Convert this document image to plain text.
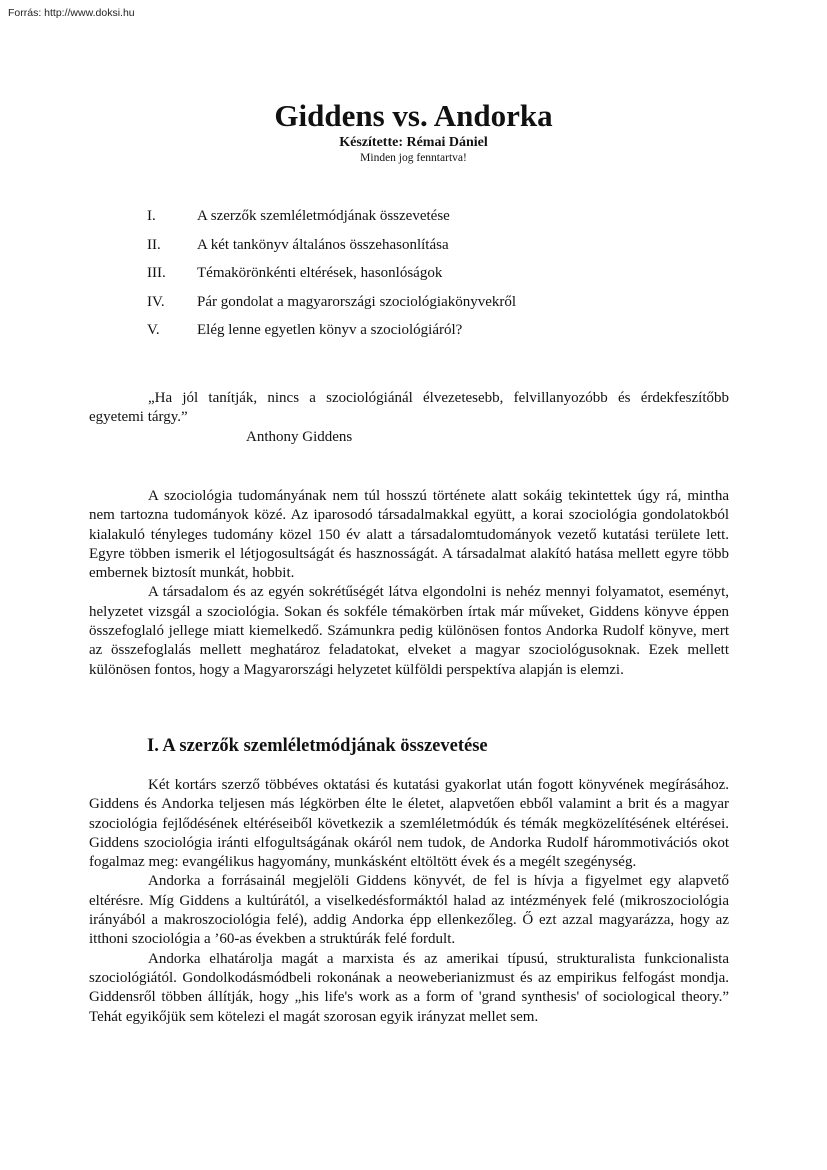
Forrás: http://www.doksi.hu
Giddens vs. Andorka
Készítette: Rémai Dániel
Minden jog fenntartva!
I.	A szerzők szemléletmódjának összevetése
II.	A két tankönyv általános összehasonlítása
III.	Témakörönkénti eltérések, hasonlóságok
IV.	Pár gondolat a magyarországi szociológiakönyvekről
V.	Elég lenne egyetlen könyv a szociológiáról?

„Ha jól tanítják, nincs a szociológiánál élvezetesebb, felvillanyozóbb és érdekfeszítőbb egyetemi tárgy.”

Anthony Giddens

A szociológia tudományának nem túl hosszú története alatt sokáig tekintettek úgy rá, mintha nem tartozna tudományok közé. Az iparosodó társadalmakkal együtt, a korai szociológia gondolatokból kialakuló tényleges tudomány közel 150 év alatt a társadalomtudományok vezető kutatási területe lett. Egyre többen ismerik el létjogosultságát és hasznosságát. A társadalmat alakító hatása mellett egyre több embernek biztosít munkát, hobbit.

A társadalom és az egyén sokrétűségét látva elgondolni is nehéz mennyi folyamatot, eseményt, helyzetet vizsgál a szociológia. Sokan és sokféle témakörben írtak már műveket, Giddens könyve éppen összefoglaló jellege miatt kiemelkedő. Számunkra pedig különösen fontos Andorka Rudolf könyve, mert az összefoglalás mellett meghatároz feladatokat, elveket a magyar szociológusoknak. Ezek mellett különösen fontos, hogy a Magyarországi helyzetet külföldi perspektíva alapján is elemzi.

I. A szerzők szemléletmódjának összevetése

Két kortárs szerző többéves oktatási és kutatási gyakorlat után fogott könyvének megírásához. Giddens és Andorka teljesen más légkörben élte le életet, alapvetően ebből valamint a brit és a magyar szociológia fejlődésének eltéréseiből következik a szemléletmódúk és témák megközelítésének eltérései. Giddens szociológia iránti elfogultságának okáról nem tudok, de Andorka Rudolf hárommotivációs okot fogalmaz meg: evangélikus hagyomány, munkásként eltöltött évek és a megélt szegénység.

Andorka a forrásainál megjelöli Giddens könyvét, de fel is hívja a figyelmet egy alapvető eltérésre. Míg Giddens a kultúrától, a viselkedésformáktól halad az intézmények felé (mikroszociológia irányából a makroszociológia felé), addig Andorka épp ellenkezőleg. Ő ezt azzal magyarázza, hogy az itthoni szociológia a ’60-as években a struktúrák felé fordult.

Andorka elhatárolja magát a marxista és az amerikai típusú, strukturalista funkcionalista szociológiától. Gondolkodásmódbeli rokonának a neoweberianizmust és az empirikus felfogást mondja. Giddensről többen állítják, hogy „his life's work as a form of 'grand synthesis' of sociological theory.” Tehát egyikőjük sem kötelezi el magát szorosan egyik irányzat mellet sem.
